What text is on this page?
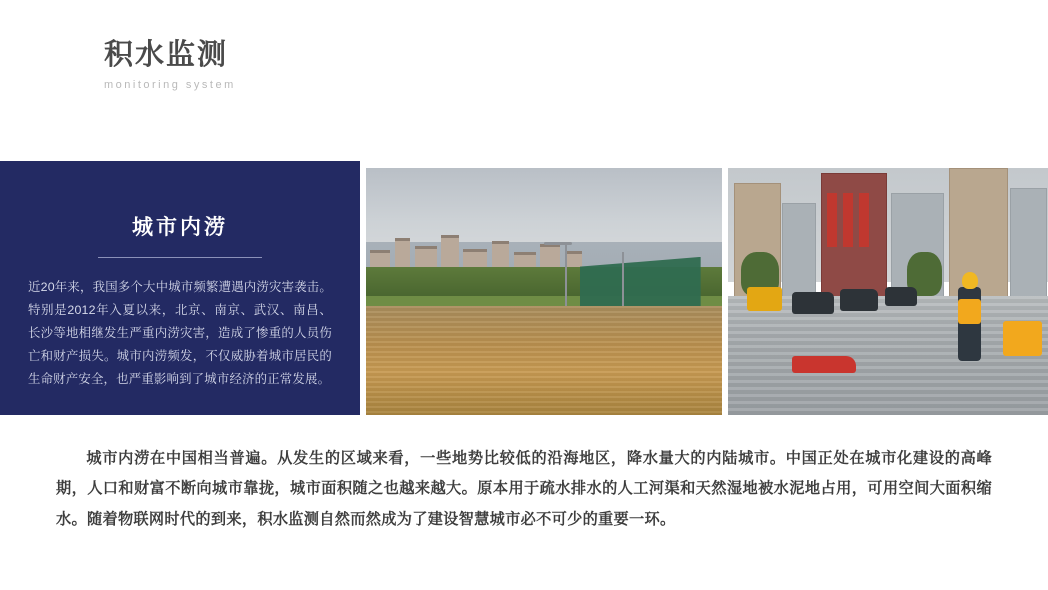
积水监测
monitoring system
城市内涝
近20年来，我国多个大中城市频繁遭遇内涝灾害袭击。特别是2012年入夏以来，北京、南京、武汉、南昌、长沙等地相继发生严重内涝灾害，造成了惨重的人员伤亡和财产损失。城市内涝频发，不仅威胁着城市居民的生命财产安全，也严重影响到了城市经济的正常发展。
城市内涝在中国相当普遍。从发生的区域来看，一些地势比较低的沿海地区，降水量大的内陆城市。中国正处在城市化建设的高峰期，人口和财富不断向城市靠拢，城市面积随之也越来越大。原本用于疏水排水的人工河渠和天然湿地被水泥地占用，可用空间大面积缩水。随着物联网时代的到来，积水监测自然而然成为了建设智慧城市必不可少的重要一环。
